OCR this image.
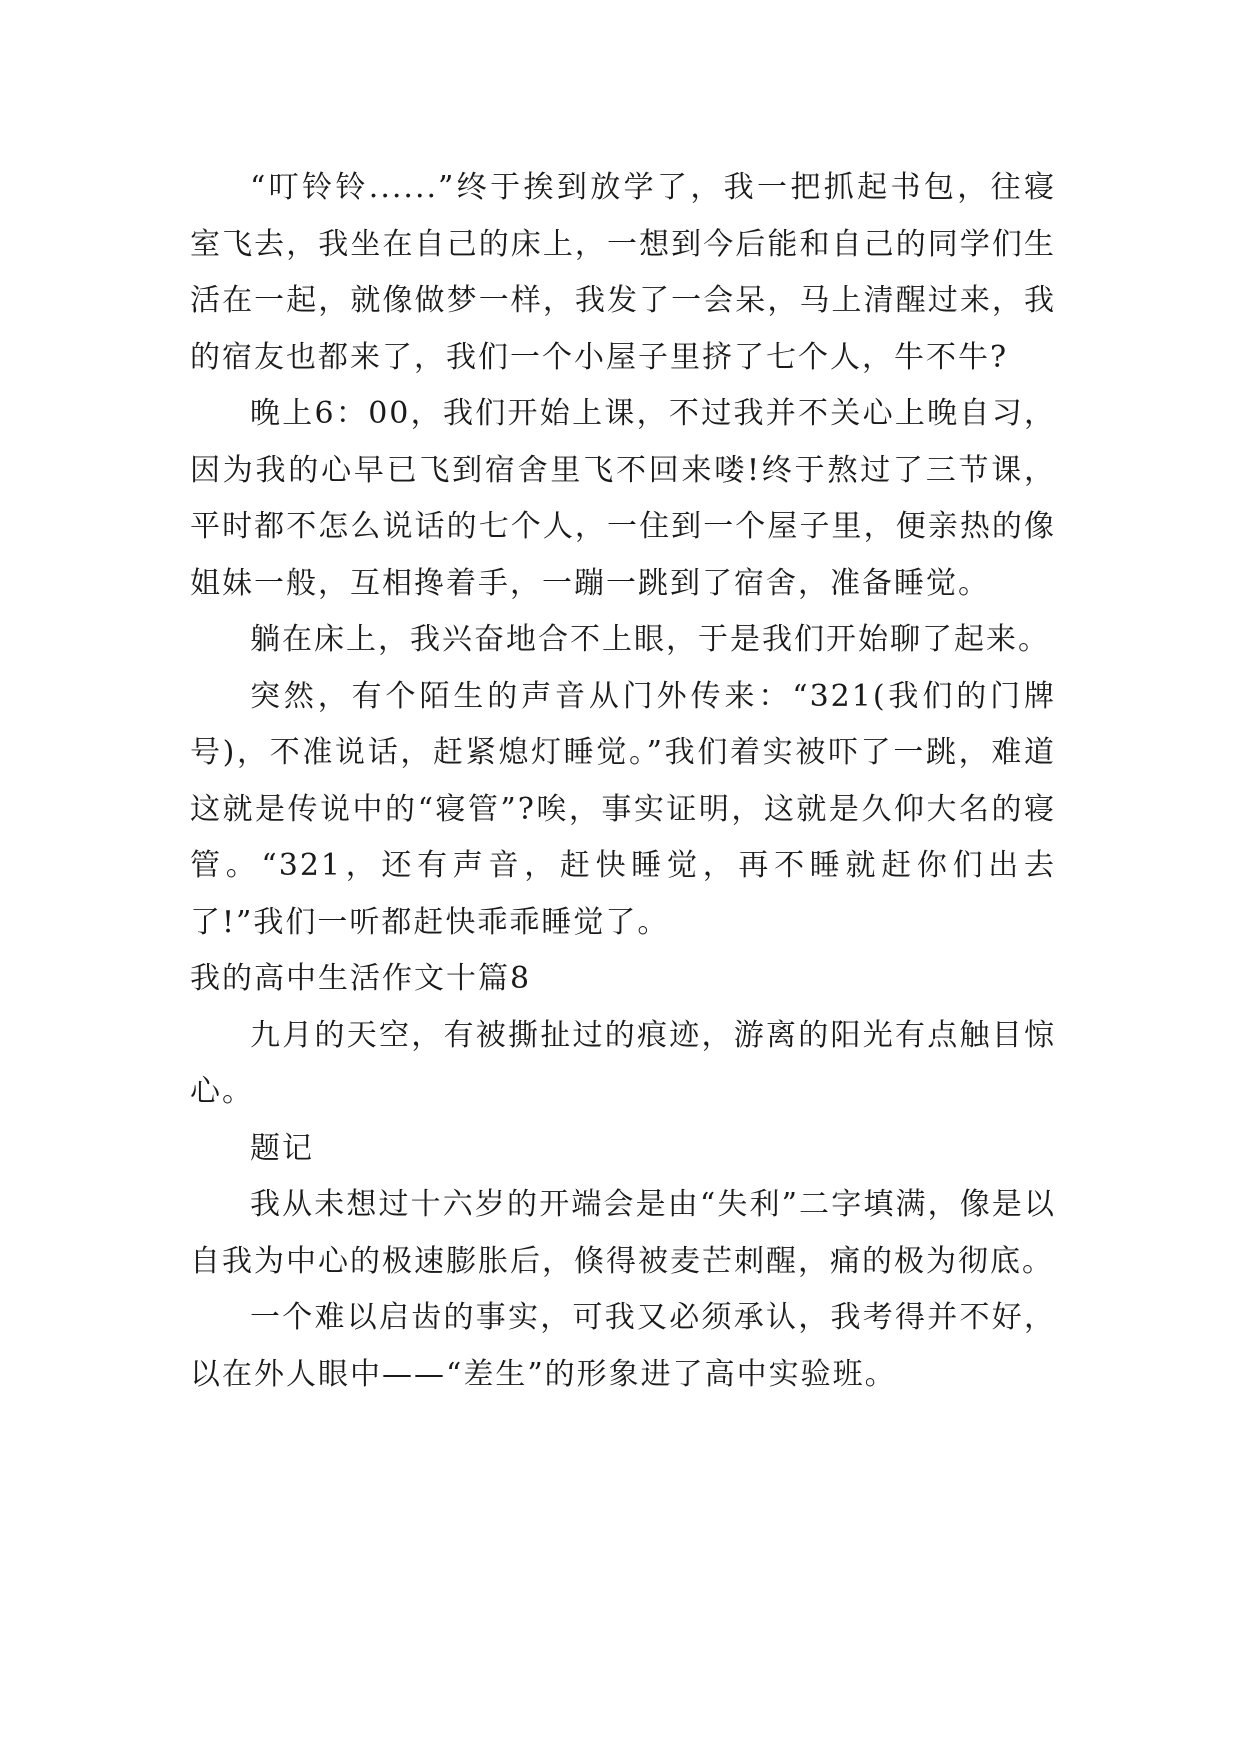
“叮铃铃......”终于挨到放学了，我一把抓起书包，往寝室飞去，我坐在自己的床上，一想到今后能和自己的同学们生活在一起，就像做梦一样，我发了一会呆，马上清醒过来，我的宿友也都来了，我们一个小屋子里挤了七个人，牛不牛?

晚上6：00，我们开始上课，不过我并不关心上晚自习，因为我的心早已飞到宿舍里飞不回来喽!终于熬过了三节课，平时都不怎么说话的七个人，一住到一个屋子里，便亲热的像姐妹一般，互相搀着手，一蹦一跳到了宿舍，准备睡觉。

躺在床上，我兴奋地合不上眼，于是我们开始聊了起来。

突然，有个陌生的声音从门外传来：“321(我们的门牌号)，不准说话，赶紧熄灯睡觉。”我们着实被吓了一跳，难道这就是传说中的“寝管”?唉，事实证明，这就是久仰大名的寝管。“321，还有声音，赶快睡觉，再不睡就赶你们出去了!”我们一听都赶快乖乖睡觉了。

我的高中生活作文十篇8

九月的天空，有被撕扯过的痕迹，游离的阳光有点触目惊心。

题记

我从未想过十六岁的开端会是由“失利”二字填满，像是以自我为中心的极速膨胀后，倏得被麦芒刺醒，痛的极为彻底。

一个难以启齿的事实，可我又必须承认，我考得并不好，以在外人眼中——“差生”的形象进了高中实验班。
